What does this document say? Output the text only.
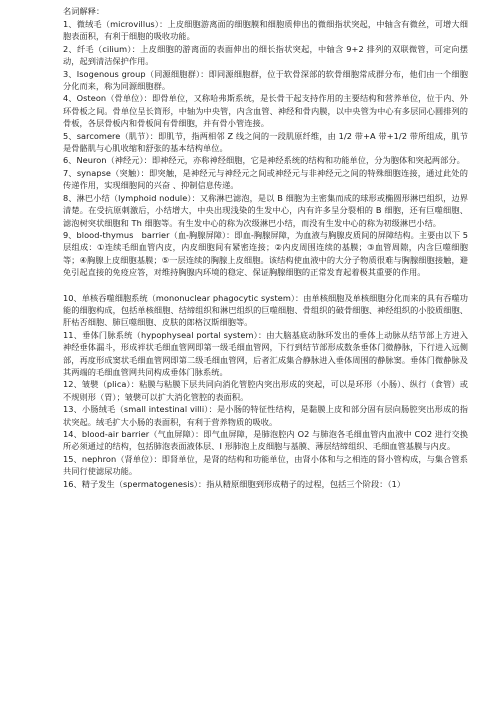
名词解释：

1、微绒毛（microvillus）：上皮细胞游离面的细胞膜和细胞质伸出的微细指状突起，中轴含有微丝，可增大细胞表面积，有利于细胞的吸收功能。

2、纤毛（cilium）：上皮细胞的游离面的表面伸出的细长指状突起，中轴含 9+2 排列的双联微管，可定向摆动，起到清洁保护作用。

3、Isogenous group（同源细胞群）：即同源细胞群，位于软骨深部的软骨细胞常成群分布，他们由一个细胞分化而来，称为同源细胞群。

4、Osteon（骨单位）：即骨单位，又称哈弗斯系统，是长骨干起支持作用的主要结构和营养单位，位于内、外环骨板之间。骨单位呈长筒形，中轴为中央管，内含血管、神经和骨内膜，以中央管为中心有多层同心圆排列的骨板，各层骨板内和骨板间有骨细胞，并有骨小管连接。

5、sarcomere（肌节）：即肌节，指两相邻 Z 线之间的一段肌原纤维，由 1/2 带+A 带+1/2 带所组成，肌节是骨骼肌与心肌收缩和舒张的基本结构单位。

6、Neuron（神经元）：即神经元，亦称神经细胞，它是神经系统的结构和功能单位，分为胞体和突起两部分。

7、synapse（突触）：即突触，是神经元与神经元之间或神经元与非神经元之间的特殊细胞连接，通过此处的传递作用，实现细胞间的兴奋 、抑制信息传递。

8、淋巴小结（lymphoid nodule）：又称淋巴滤泡，是以 B 细胞为主密集而成的球形或椭圆形淋巴组织，边界清楚。在受抗原刺激后，小结增大，中央出现浅染的生发中心，内有许多呈分裂相的 B 细胞，还有巨噬细胞、滤泡树突状细胞和 Th 细胞等。有生发中心的称为次级淋巴小结，而没有生发中心的称为初级淋巴小结。

9、blood-thymus　barrier（血-胸腺屏障）：即血-胸腺屏障，为血液与胸腺皮质间的屏障结构。主要由以下 5 层组成：①连续毛细血管内皮，内皮细胞间有紧密连接；②内皮周围连续的基膜；③血管周隙，内含巨噬细胞等；④胸腺上皮细胞基膜；⑤一层连续的胸腺上皮细胞。该结构使血液中的大分子物质很难与胸腺细胞接触，避免引起直接的免疫应答，对维持胸腺内环境的稳定、保证胸腺细胞的正常发育起着极其重要的作用。

10、单核吞噬细胞系统（mononuclear phagocytic system）：由单核细胞及单核细胞分化而来的具有吞噬功能的细胞构成，包括单核细胞、结缔组织和淋巴组织的巨噬细胞、骨组织的破骨细胞、神经组织的小胶质细胞、肝枯否细胞、肺巨噬细胞、皮肤的郎格汉斯细胞等。

11、垂体门脉系统（hypophyseal portal system）：由大脑基底动脉环发出的垂体上动脉从结节部上方进入神经垂体漏斗，形成袢状毛细血管网即第一级毛细血管网，下行到结节部形成数条垂体门微静脉，下行进入远侧部，再度形成窦状毛细血管网即第二级毛细血管网，后者汇成集合静脉进入垂体周围的静脉窦。垂体门微静脉及其两端的毛细血管网共同构成垂体门脉系统。

12、皱襞（plica）：粘膜与粘膜下层共同向消化管腔内突出形成的突起，可以是环形（小肠）、纵行（食管）或不规则形（胃）；皱襞可以扩大消化管腔的表面积。

13、小肠绒毛（small intestinal villi）：是小肠的特征性结构，是黏膜上皮和部分固有层向肠腔突出形成的指状突起。绒毛扩大小肠的表面积，有利于营养物质的吸收。

14、blood-air barrier（气血屏障）：即气血屏障，是肺泡腔内 O2 与肺泡各毛细血管内血液中 CO2 进行交换所必须通过的结构，包括肺泡表面液体层、I 形肺泡上皮细胞与基膜、薄层结缔组织、毛细血管基膜与内皮。

15、nephron（肾单位）：即肾单位，是肾的结构和功能单位，由肾小体和与之相连的肾小管构成，与集合管系共同行使滤尿功能。

16、精子发生（spermatogenesis）：指从精原细胞到形成精子的过程，包括三个阶段：（1）
